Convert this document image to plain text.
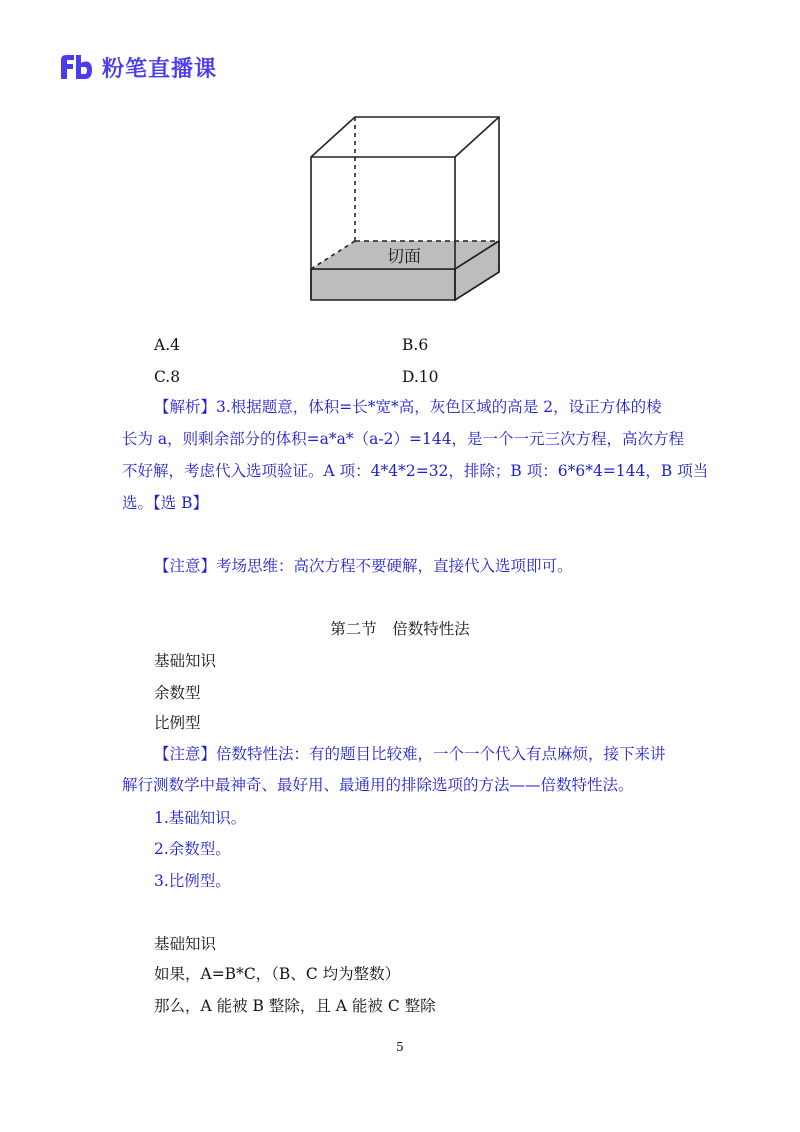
粉笔直播课
切面
A.4	B.6
C.8	D.10
【解析】3.根据题意，体积=长*宽*高，灰色区域的高是 2，设正方体的棱
长为 a，则剩余部分的体积=a*a*（a-2）=144，是一个一元三次方程，高次方程
不好解，考虑代入选项验证。A 项：4*4*2=32，排除；B 项：6*6*4=144，B 项当
选。【选 B】
【注意】考场思维：高次方程不要硬解，直接代入选项即可。
第二节　倍数特性法
基础知识
余数型
比例型
【注意】倍数特性法：有的题目比较难，一个一个代入有点麻烦，接下来讲
解行测数学中最神奇、最好用、最通用的排除选项的方法——倍数特性法。
1.基础知识。
2.余数型。
3.比例型。
基础知识
如果，A=B*C，（B、C 均为整数）
那么，A 能被 B 整除，且 A 能被 C 整除
5
